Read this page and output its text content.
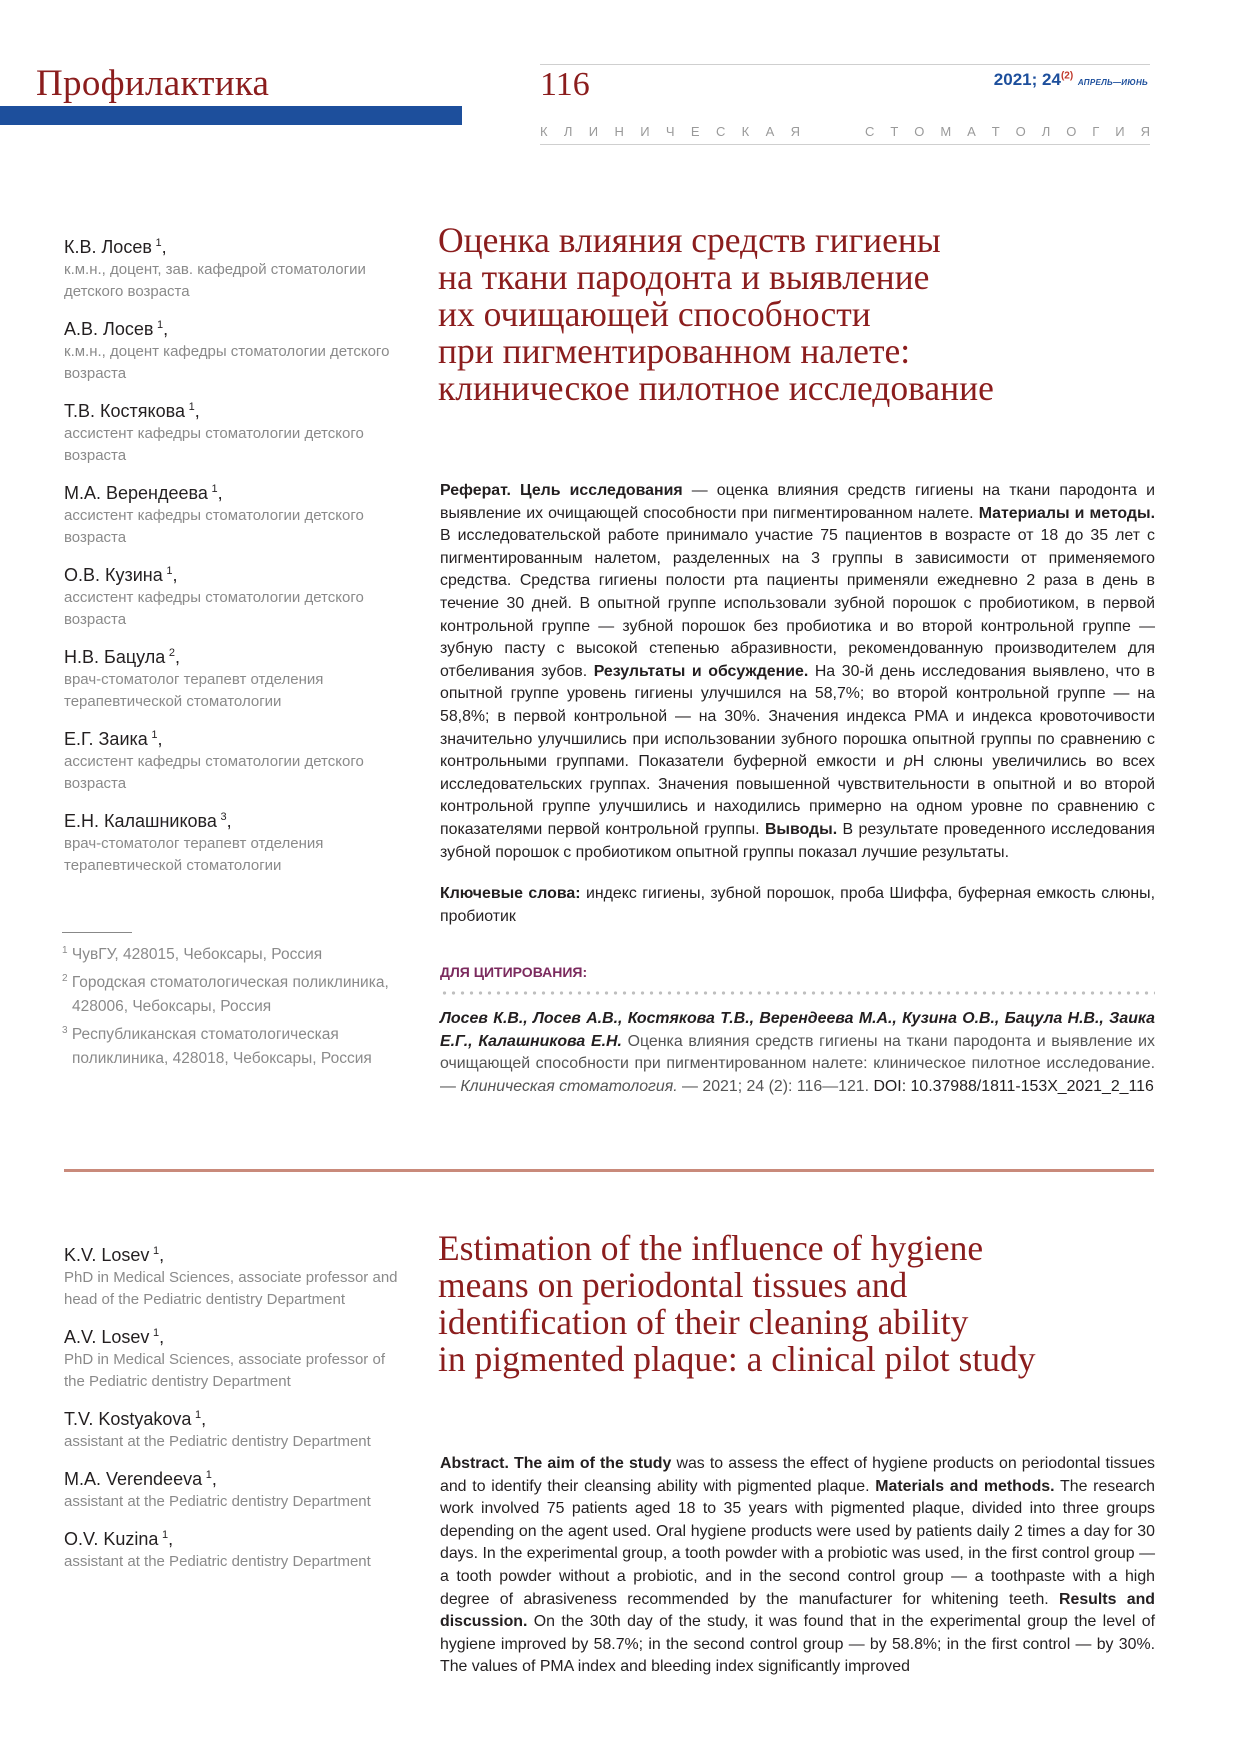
Профилактика	116	2021; 24$^{(2)}$ АПРЕЛЬ—ИЮНЬ
К Л И Н И Ч Е С К А Я	С Т О М А Т О Л О Г И Я
К.В. Лосев  $^1$,
к.м.н., доцент, зав. кафедрой стоматологии детского возраста
А.В. Лосев  $^1$,
к.м.н., доцент кафедры стоматологии детского возраста
Т.В. Костякова  $^1$,
ассистент кафедры стоматологии детского возраста
М.А. Верендеева  $^1$,
ассистент кафедры стоматологии детского возраста
О.В. Кузина  $^1$,
ассистент кафедры стоматологии детского возраста
Н.В. Бацула  $^2$,
врач-стоматолог терапевт отделения терапевтической стоматологии
Е.Г. Заика  $^1$,
ассистент кафедры стоматологии детского возраста
Е.Н. Калашникова  $^3$,
врач-стоматолог терапевт отделения терапевтической стоматологии
$^1$ ЧувГУ, 428015, Чебоксары, Россия
$^2$ Городская стоматологическая поликлиника, 428006, Чебоксары, Россия
$^3$ Республиканская стоматологическая поликлиника, 428018, Чебоксары, Россия
Оценка влияния средств гигиены
на ткани пародонта и выявление
их очищающей способности
при пигментированном налете:
клиническое пилотное исследование
Реферат. Цель исследования — оценка влияния средств гигиены на ткани пародонта и выявление их очищающей способности при пигментированном налете. Материалы и методы. В исследовательской работе принимало участие 75 пациентов в возрасте от 18 до 35 лет с пигментированным налетом, разделенных на 3 группы в зависимости от применяемого средства. Средства гигиены полости рта пациенты применяли ежедневно 2 раза в день в течение 30 дней. В опытной группе использовали зубной порошок с пробиотиком, в первой контрольной группе — зубной порошок без пробиотика и во второй контрольной группе — зубную пасту с высокой степенью абразивности, рекомендованную производителем для отбеливания зубов. Результаты и обсуждение. На 30-й день исследования выявлено, что в опытной группе уровень гигиены улучшился на 58,7%; во второй контрольной группе — на 58,8%; в первой контрольной — на 30%. Значения индекса PMA и индекса кровоточивости значительно улучшились при использовании зубного порошка опытной группы по сравнению с контрольными группами. Показатели буферной емкости и pH слюны увеличились во всех исследовательских группах. Значения повышенной чувствительности в опытной и во второй контрольной группе улучшились и находились примерно на одном уровне по сравнению с показателями первой контрольной группы. Выводы. В результате проведенного исследования зубной порошок с пробиотиком опытной группы показал лучшие результаты.
Ключевые слова: индекс гигиены, зубной порошок, проба Шиффа, буферная емкость слюны, пробиотик
ДЛЯ ЦИТИРОВАНИЯ:
Лосев К.В., Лосев А.В., Костякова Т.В., Верендеева М.А., Кузина О.В., Бацула Н.В., Заика Е.Г., Калашникова Е.Н. Оценка влияния средств гигиены на ткани пародонта и выявление их очищающей способности при пигментированном налете: клиническое пилотное исследование. — Клиническая стоматология. — 2021; 24 (2): 116—121. DOI: 10.37988/1811-153X_2021_2_116
K.V. Losev  $^1$,
PhD in Medical Sciences, associate professor and head of the Pediatric dentistry Department
A.V. Losev  $^1$,
PhD in Medical Sciences, associate professor of the Pediatric dentistry Department
T.V. Kostyakova  $^1$,
assistant at the Pediatric dentistry Department
M.A. Verendeeva  $^1$,
assistant at the Pediatric dentistry Department
O.V. Kuzina  $^1$,
assistant at the Pediatric dentistry Department
Estimation of the influence of hygiene
means on periodontal tissues and
identification of their cleaning ability
in pigmented plaque: a clinical pilot study
Abstract. The aim of the study was to assess the effect of hygiene products on periodontal tissues and to identify their cleansing ability with pigmented plaque. Materials and methods. The research work involved 75 patients aged 18 to 35 years with pigmented plaque, divided into three groups depending on the agent used. Oral hygiene products were used by patients daily 2 times a day for 30 days. In the experimental group, a tooth powder with a probiotic was used, in the first control group — a tooth powder without a probiotic, and in the second control group — a toothpaste with a high degree of abrasiveness recommended by the manufacturer for whitening teeth. Results and discussion. On the 30th day of the study, it was found that in the experimental group the level of hygiene improved by 58.7%; in the second control group — by 58.8%; in the first control — by 30%. The values of PMA index and bleeding index significantly improved
